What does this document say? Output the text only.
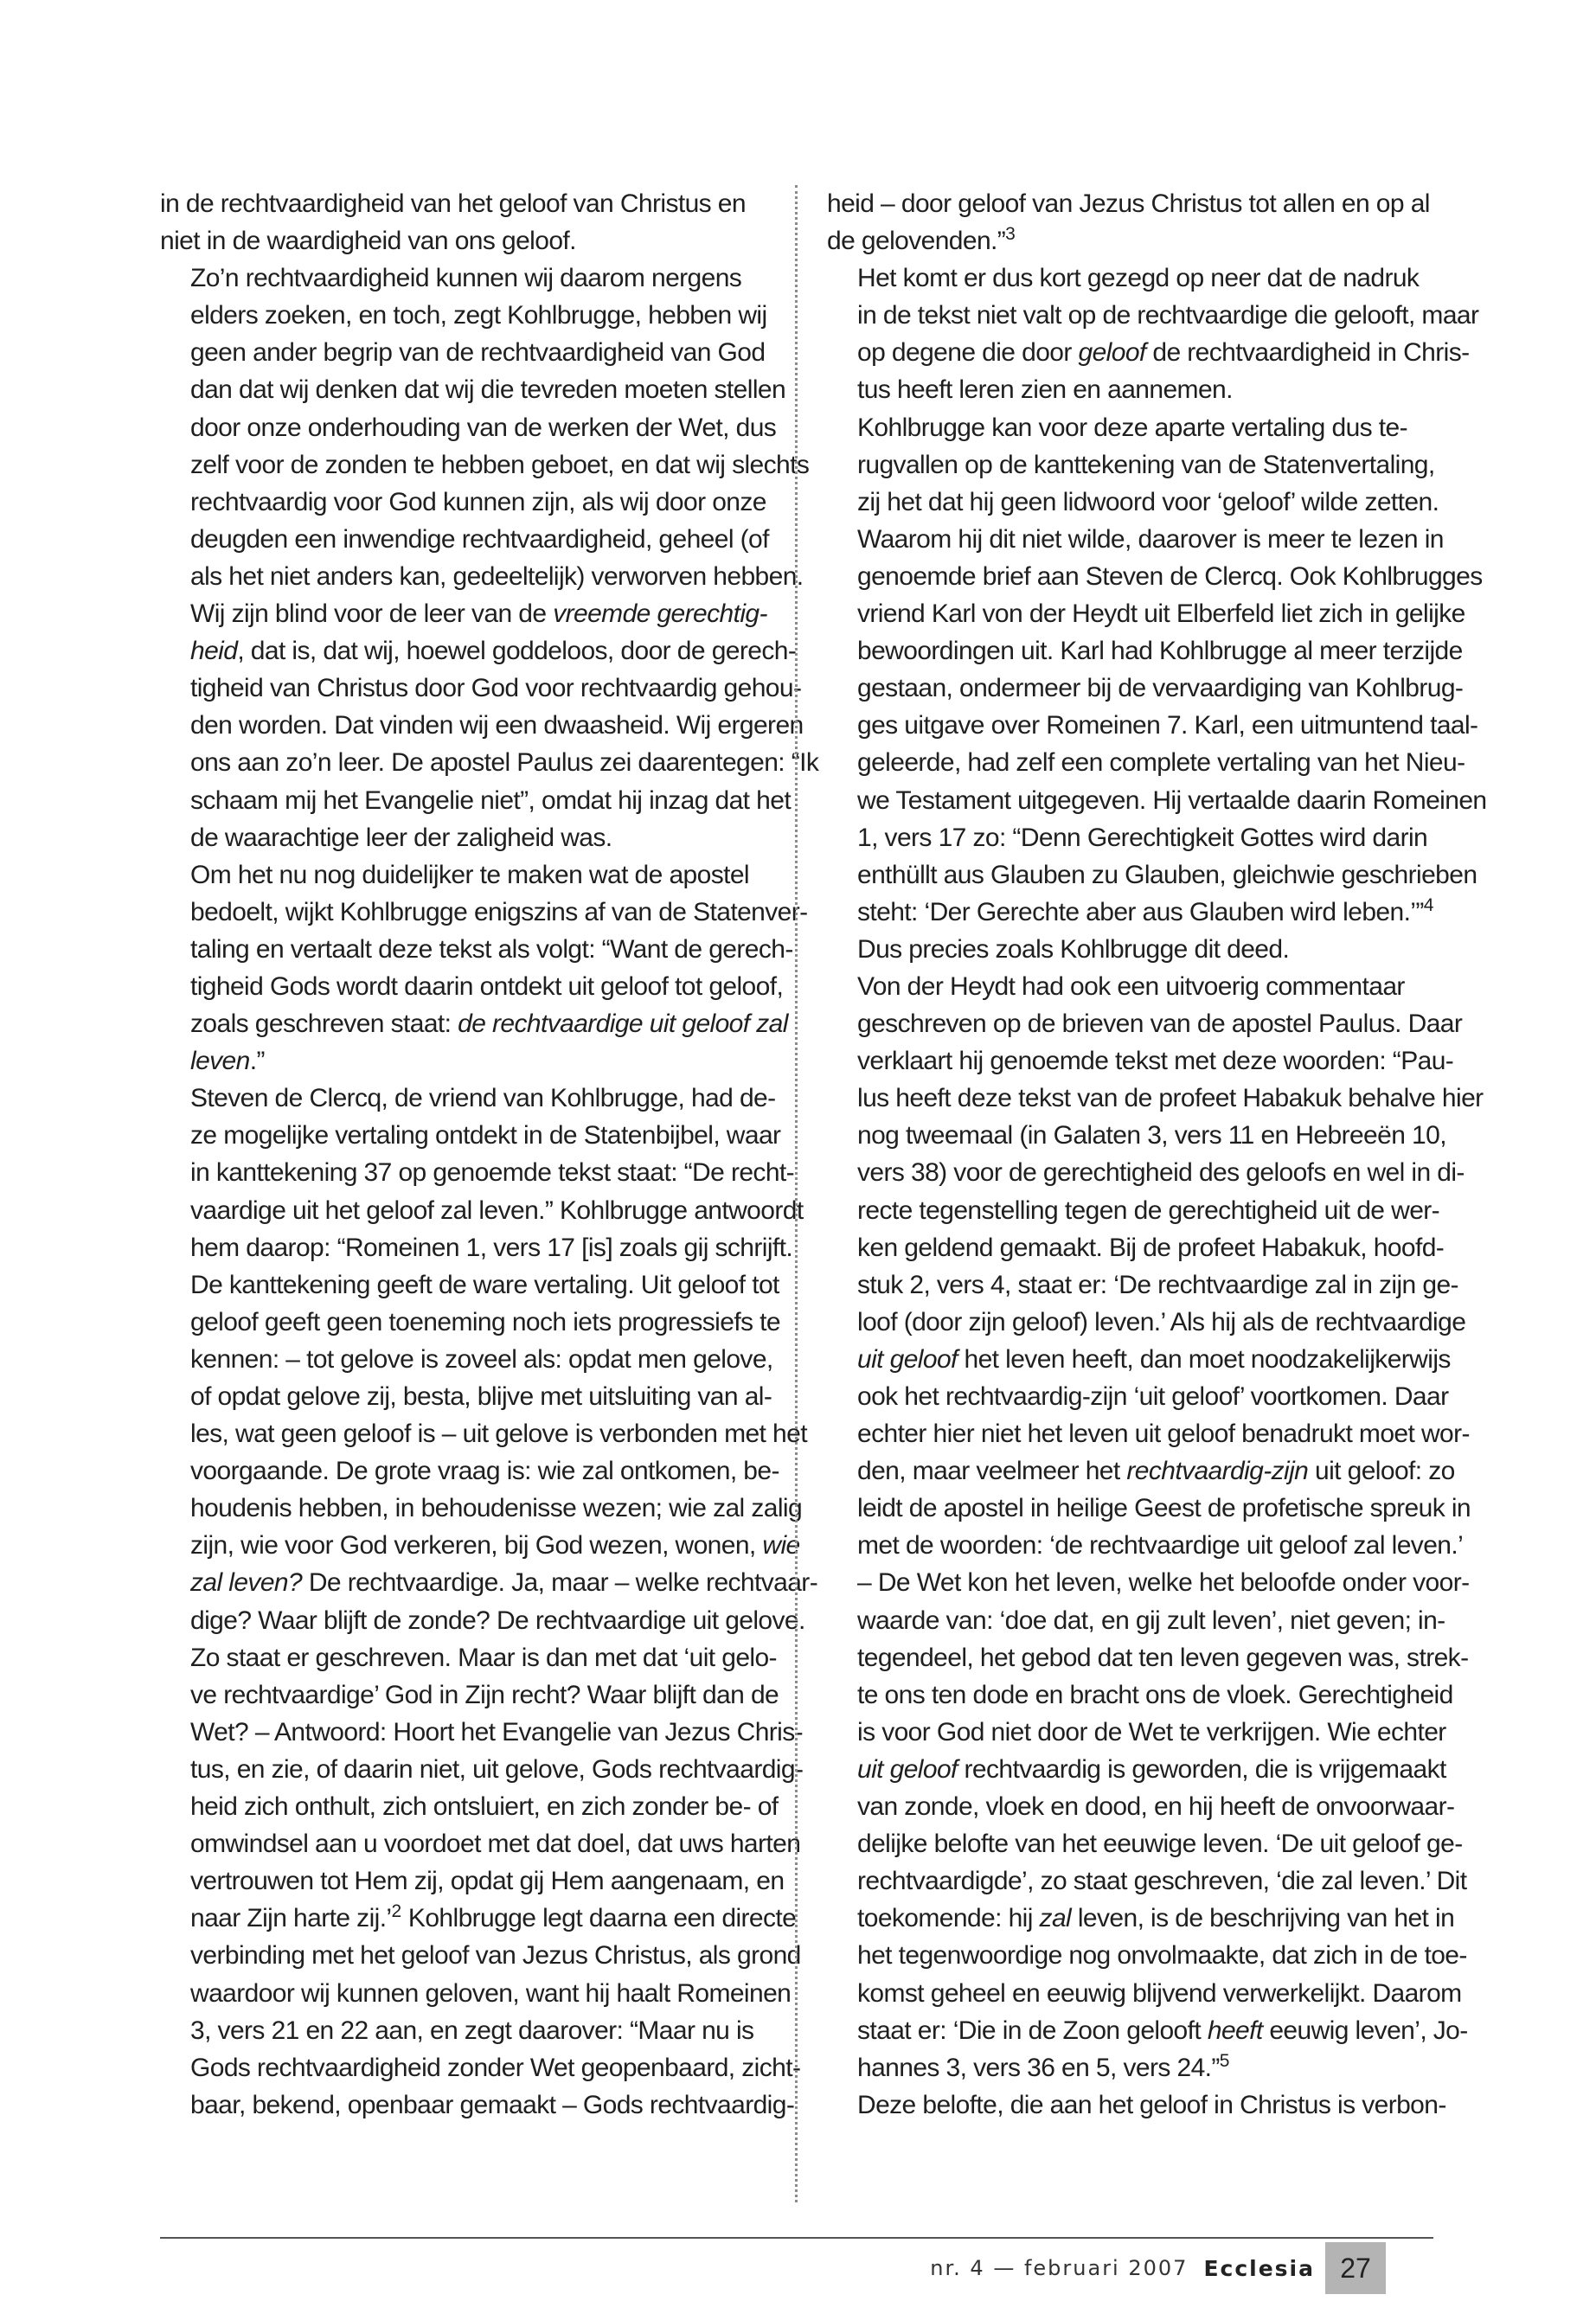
in de rechtvaardigheid van het geloof van Christus en
niet in de waardigheid van ons geloof.

Zo’n rechtvaardigheid kunnen wij daarom nergens
elders zoeken, en toch, zegt Kohlbrugge, hebben wij
geen ander begrip van de rechtvaardigheid van God
dan dat wij denken dat wij die tevreden moeten stellen
door onze onderhouding van de werken der Wet, dus
zelf voor de zonden te hebben geboet, en dat wij slechts
rechtvaardig voor God kunnen zijn, als wij door onze
deugden een inwendige rechtvaardigheid, geheel (of
als het niet anders kan, gedeeltelijk) verworven hebben.
Wij zijn blind voor de leer van de vreemde gerechtig-
heid, dat is, dat wij, hoewel goddeloos, door de gerech-
tigheid van Christus door God voor rechtvaardig gehou-
den worden. Dat vinden wij een dwaasheid. Wij ergeren
ons aan zo’n leer. De apostel Paulus zei daarentegen: “Ik
schaam mij het Evangelie niet”, omdat hij inzag dat het
de waarachtige leer der zaligheid was.

Om het nu nog duidelijker te maken wat de apostel
bedoelt, wijkt Kohlbrugge enigszins af van de Statenver-
taling en vertaalt deze tekst als volgt: “Want de gerech-
tigheid Gods wordt daarin ontdekt uit geloof tot geloof,
zoals geschreven staat: de rechtvaardige uit geloof zal
leven.”

Steven de Clercq, de vriend van Kohlbrugge, had de-
ze mogelijke vertaling ontdekt in de Statenbijbel, waar
in kanttekening 37 op genoemde tekst staat: “De recht-
vaardige uit het geloof zal leven.” Kohlbrugge antwoordt
hem daarop: “Romeinen 1, vers 17 [is] zoals gij schrijft.
De kanttekening geeft de ware vertaling. Uit geloof tot
geloof geeft geen toeneming noch iets progressiefs te
kennen: – tot gelove is zoveel als: opdat men gelove,
of opdat gelove zij, besta, blijve met uitsluiting van al-
les, wat geen geloof is – uit gelove is verbonden met het
voorgaande. De grote vraag is: wie zal ontkomen, be-
houdenis hebben, in behoudenisse wezen; wie zal zalig
zijn, wie voor God verkeren, bij God wezen, wonen, wie
zal leven? De rechtvaardige. Ja, maar – welke rechtvaar-
dige? Waar blijft de zonde? De rechtvaardige uit gelove.
Zo staat er geschreven. Maar is dan met dat ‘uit gelo-
ve rechtvaardige’ God in Zijn recht? Waar blijft dan de
Wet? – Antwoord: Hoort het Evangelie van Jezus Chris-
tus, en zie, of daarin niet, uit gelove, Gods rechtvaardig-
heid zich onthult, zich ontsluiert, en zich zonder be- of
omwindsel aan u voordoet met dat doel, dat uws harten
vertrouwen tot Hem zij, opdat gij Hem aangenaam, en
naar Zijn harte zij.’$^2$ Kohlbrugge legt daarna een directe
verbinding met het geloof van Jezus Christus, als grond
waardoor wij kunnen geloven, want hij haalt Romeinen
3, vers 21 en 22 aan, en zegt daarover: “Maar nu is
Gods rechtvaardigheid zonder Wet geopenbaard, zicht-
baar, bekend, openbaar gemaakt – Gods rechtvaardig-

heid – door geloof van Jezus Christus tot allen en op al
de gelovenden.”$^3$

Het komt er dus kort gezegd op neer dat de nadruk
in de tekst niet valt op de rechtvaardige die gelooft, maar
op degene die door geloof de rechtvaardigheid in Chris-
tus heeft leren zien en aannemen.

Kohlbrugge kan voor deze aparte vertaling dus te-
rugvallen op de kanttekening van de Statenvertaling,
zij het dat hij geen lidwoord voor ‘geloof’ wilde zetten.
Waarom hij dit niet wilde, daarover is meer te lezen in
genoemde brief aan Steven de Clercq. Ook Kohlbrugges
vriend Karl von der Heydt uit Elberfeld liet zich in gelijke
bewoordingen uit. Karl had Kohlbrugge al meer terzijde
gestaan, ondermeer bij de vervaardiging van Kohlbrug-
ges uitgave over Romeinen 7. Karl, een uitmuntend taal-
geleerde, had zelf een complete vertaling van het Nieu-
we Testament uitgegeven. Hij vertaalde daarin Romeinen
1, vers 17 zo: “Denn Gerechtigkeit Gottes wird darin
enthüllt aus Glauben zu Glauben, gleichwie geschrieben
steht: ‘Der Gerechte aber aus Glauben wird leben.’”$^4$
Dus precies zoals Kohlbrugge dit deed.

Von der Heydt had ook een uitvoerig commentaar
geschreven op de brieven van de apostel Paulus. Daar
verklaart hij genoemde tekst met deze woorden: “Pau-
lus heeft deze tekst van de profeet Habakuk behalve hier
nog tweemaal (in Galaten 3, vers 11 en Hebreeën 10,
vers 38) voor de gerechtigheid des geloofs en wel in di-
recte tegenstelling tegen de gerechtigheid uit de wer-
ken geldend gemaakt. Bij de profeet Habakuk, hoofd-
stuk 2, vers 4, staat er: ‘De rechtvaardige zal in zijn ge-
loof (door zijn geloof) leven.’ Als hij als de rechtvaardige
uit geloof het leven heeft, dan moet noodzakelijkerwijs
ook het rechtvaardig-zijn ‘uit geloof’ voortkomen. Daar
echter hier niet het leven uit geloof benadrukt moet wor-
den, maar veelmeer het rechtvaardig-zijn uit geloof: zo
leidt de apostel in heilige Geest de profetische spreuk in
met de woorden: ‘de rechtvaardige uit geloof zal leven.’
– De Wet kon het leven, welke het beloofde onder voor-
waarde van: ‘doe dat, en gij zult leven’, niet geven; in-
tegendeel, het gebod dat ten leven gegeven was, strek-
te ons ten dode en bracht ons de vloek. Gerechtigheid
is voor God niet door de Wet te verkrijgen. Wie echter
uit geloof rechtvaardig is geworden, die is vrijgemaakt
van zonde, vloek en dood, en hij heeft de onvoorwaar-
delijke belofte van het eeuwige leven. ‘De uit geloof ge-
rechtvaardigde’, zo staat geschreven, ‘die zal leven.’ Dit
toekomende: hij zal leven, is de beschrijving van het in
het tegenwoordige nog onvolmaakte, dat zich in de toe-
komst geheel en eeuwig blijvend verwerkelijkt. Daarom
staat er: ‘Die in de Zoon gelooft heeft eeuwig leven’, Jo-
hannes 3, vers 36 en 5, vers 24.”$^5$

Deze belofte, die aan het geloof in Christus is verbon-

nr. 4 — februari 2007 Ecclesia 27
